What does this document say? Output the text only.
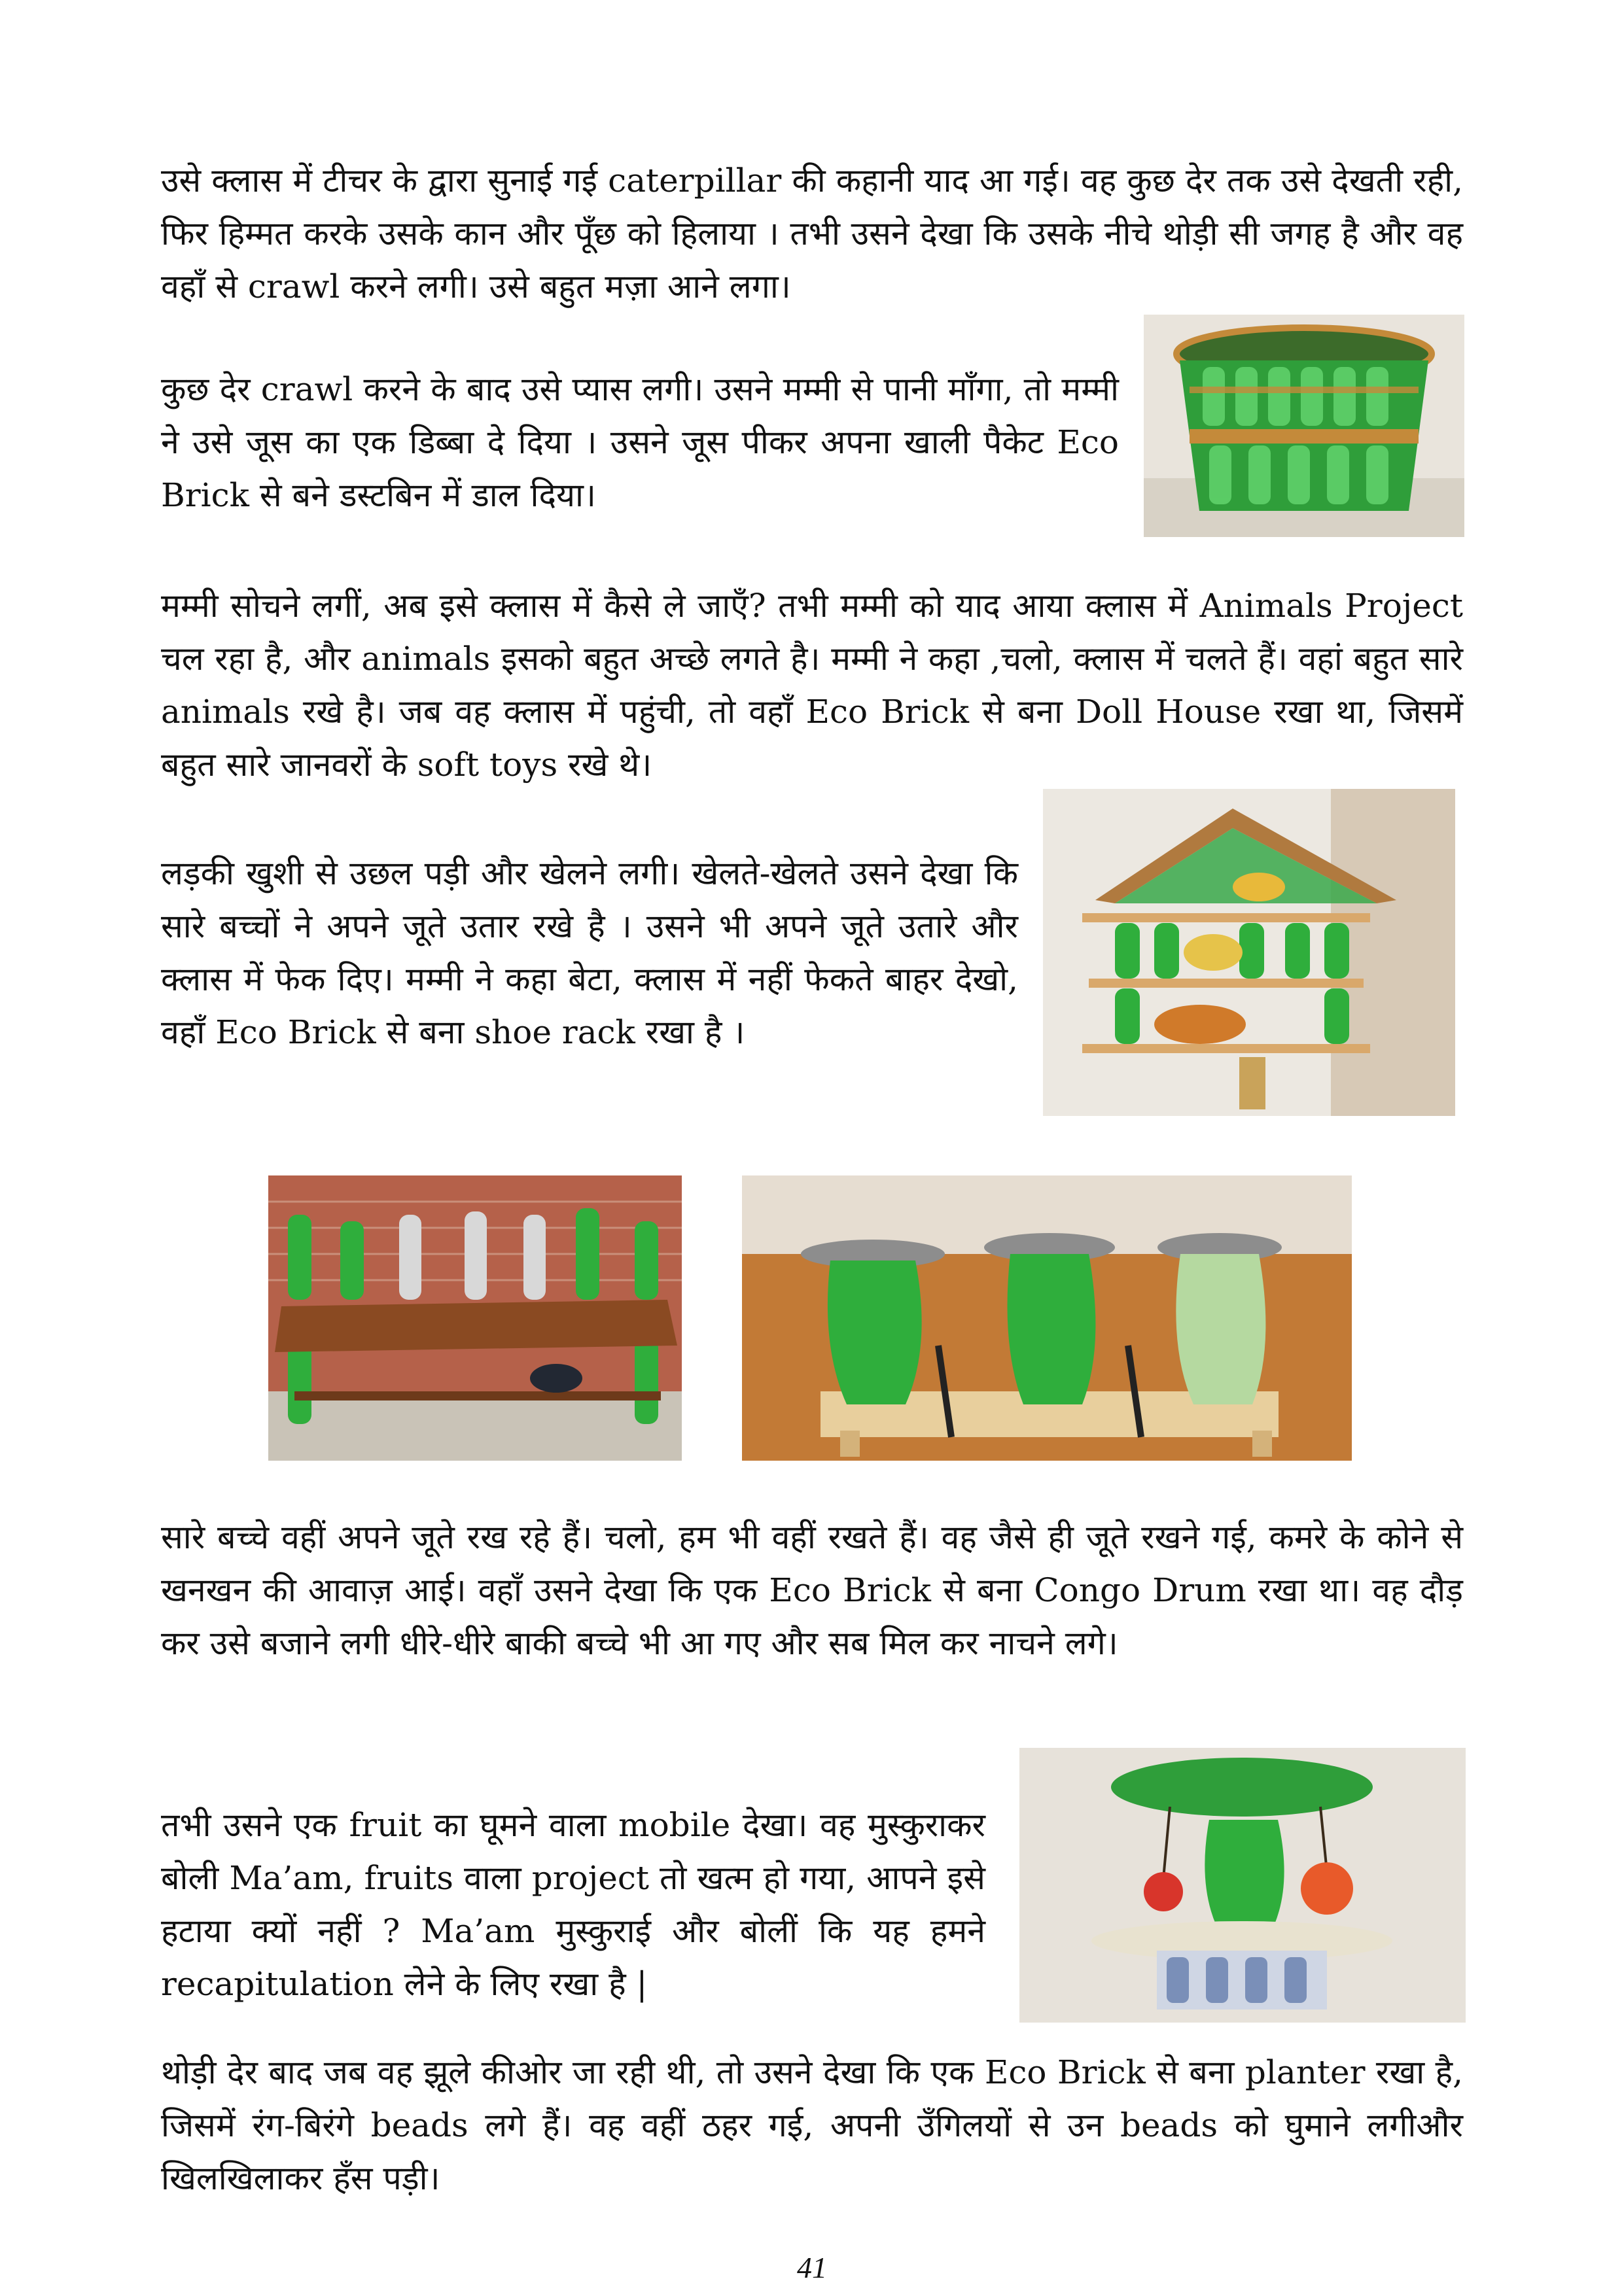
उसे क्लास में टीचर के द्वारा सुनाई गई caterpillar की कहानी याद आ गई। वह कुछ देर तक उसे देखती रही, फिर हिम्मत करके उसके कान और पूँछ को हिलाया । तभी उसने देखा कि उसके नीचे थोड़ी सी जगह है और वह वहाँ से crawl करने लगी। उसे बहुत मज़ा आने लगा।

कुछ देर crawl करने के बाद उसे प्यास लगी। उसने मम्मी से पानी माँगा, तो मम्मी ने उसे जूस का एक डिब्बा दे दिया । उसने जूस पीकर अपना खाली पैकेट Eco Brick से बने डस्टबिन में डाल दिया।

मम्मी सोचने लगीं, अब इसे क्लास में कैसे ले जाएँ? तभी मम्मी को याद आया क्लास में Animals Project चल रहा है, और animals इसको बहुत अच्छे लगते है। मम्मी ने कहा ,चलो, क्लास में चलते हैं। वहां बहुत सारे animals रखे है। जब वह क्लास में पहुंची, तो वहाँ Eco Brick से बना Doll House रखा था, जिसमें बहुत सारे जानवरों के soft toys रखे थे।

लड़की खुशी से उछल पड़ी और खेलने लगी। खेलते-खेलते उसने देखा कि सारे बच्चों ने अपने जूते उतार रखे है । उसने भी अपने जूते उतारे और क्लास में फेक दिए। मम्मी ने कहा बेटा, क्लास में नहीं फेकते बाहर देखो, वहाँ Eco Brick से बना shoe rack रखा है ।

सारे बच्चे वहीं अपने जूते रख रहे हैं। चलो, हम भी वहीं रखते हैं। वह जैसे ही जूते रखने गई, कमरे के कोने से खनखन की आवाज़ आई। वहाँ उसने देखा कि एक Eco Brick से बना Congo Drum रखा था। वह दौड़ कर उसे बजाने लगी धीरे-धीरे बाकी बच्चे भी आ गए और सब मिल कर नाचने लगे।

तभी उसने एक fruit का घूमने वाला mobile देखा। वह मुस्कुराकर बोली Ma’am, fruits वाला project तो खत्म हो गया, आपने इसे हटाया क्यों नहीं ? Ma’am मुस्कुराई और बोलीं कि यह हमने recapitulation लेने के लिए रखा है |

थोड़ी देर बाद जब वह झूले कीओर जा रही थी, तो उसने देखा कि एक Eco Brick से बना planter रखा है, जिसमें रंग-बिरंगे beads लगे हैं। वह वहीं ठहर गई, अपनी उँगिलयों से उन beads को घुमाने लगीऔर खिलखिलाकर हँस पड़ी।

41
